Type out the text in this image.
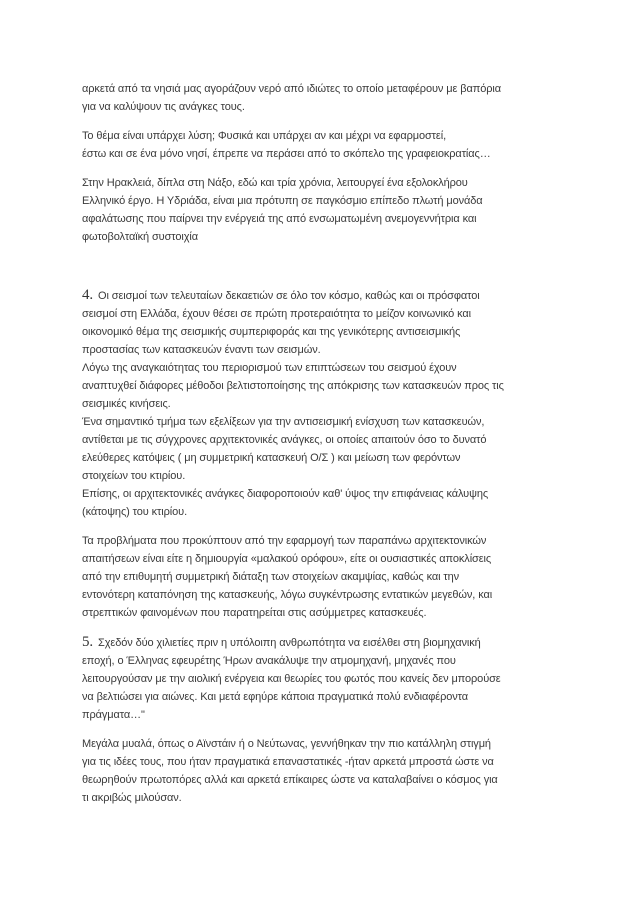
αρκετά από τα νησιά μας αγοράζουν νερό από ιδιώτες το οποίο μεταφέρουν με βαπόρια
για να καλύψουν τις ανάγκες τους.
Το θέμα είναι υπάρχει λύση; Φυσικά και υπάρχει αν και μέχρι να εφαρμοστεί,
έστω και σε ένα μόνο νησί, έπρεπε να περάσει από το σκόπελο της γραφειοκρατίας…
Στην Ηρακλειά, δίπλα στη Νάξο, εδώ και τρία χρόνια, λειτουργεί ένα εξολοκλήρου
Ελληνικό έργο. Η Υδριάδα, είναι μια πρότυπη σε παγκόσμιο επίπεδο πλωτή μονάδα
αφαλάτωσης που παίρνει την ενέργειά της από ενσωματωμένη ανεμογεννήτρια και
φωτοβολταϊκή συστοιχία
4. Οι σεισμοί των τελευταίων δεκαετιών σε όλο τον κόσμο, καθώς και οι πρόσφατοι
σεισμοί στη Ελλάδα, έχουν θέσει σε πρώτη προτεραιότητα το μείζον κοινωνικό και
οικονομικό θέμα της σεισμικής συμπεριφοράς και της γενικότερης αντισεισμικής
προστασίας των κατασκευών έναντι των σεισμών.
Λόγω της αναγκαιότητας του περιορισμού των επιπτώσεων του σεισμού έχουν
αναπτυχθεί διάφορες μέθοδοι βελτιστοποίησης της απόκρισης των κατασκευών προς τις
σεισμικές κινήσεις.
Ένα σημαντικό τμήμα των εξελίξεων για την αντισεισμική ενίσχυση των κατασκευών,
αντίθεται με τις σύγχρονες αρχιτεκτονικές ανάγκες, οι οποίες απαιτούν όσο το δυνατό
ελεύθερες κατόψεις ( μη συμμετρική κατασκευή Ο/Σ ) και μείωση των φερόντων
στοιχείων του κτιρίου.
Επίσης, οι αρχιτεκτονικές ανάγκες διαφοροποιούν καθ' ύψος την επιφάνειας κάλυψης
(κάτοψης) του κτιρίου.
Τα προβλήματα που προκύπτουν από την εφαρμογή των παραπάνω αρχιτεκτονικών
απαιτήσεων είναι είτε η δημιουργία «μαλακού ορόφου», είτε οι ουσιαστικές αποκλίσεις
από την επιθυμητή συμμετρική διάταξη των στοιχείων ακαμψίας, καθώς και την
εντονότερη καταπόνηση της κατασκευής, λόγω συγκέντρωσης εντατικών μεγεθών, και
στρεπτικών φαινομένων που παρατηρείται στις ασύμμετρες κατασκευές.
5. Σχεδόν δύο χιλιετίες πριν η υπόλοιπη ανθρωπότητα να εισέλθει στη βιομηχανική
εποχή, ο Έλληνας εφευρέτης Ήρων ανακάλυψε την ατμομηχανή, μηχανές που
λειτουργούσαν με την αιολική ενέργεια και θεωρίες του φωτός που κανείς δεν μπορούσε
να βελτιώσει για αιώνες. Και μετά εφηύρε κάποια πραγματικά πολύ ενδιαφέροντα
πράγματα…"
Μεγάλα μυαλά, όπως ο Αϊνστάιν ή ο Νεύτωνας, γεννήθηκαν την πιο κατάλληλη στιγμή
για τις ιδέες τους, που ήταν πραγματικά επαναστατικές -ήταν αρκετά μπροστά ώστε να
θεωρηθούν πρωτοπόρες αλλά και αρκετά επίκαιρες ώστε να καταλαβαίνει ο κόσμος για
τι ακριβώς μιλούσαν.
